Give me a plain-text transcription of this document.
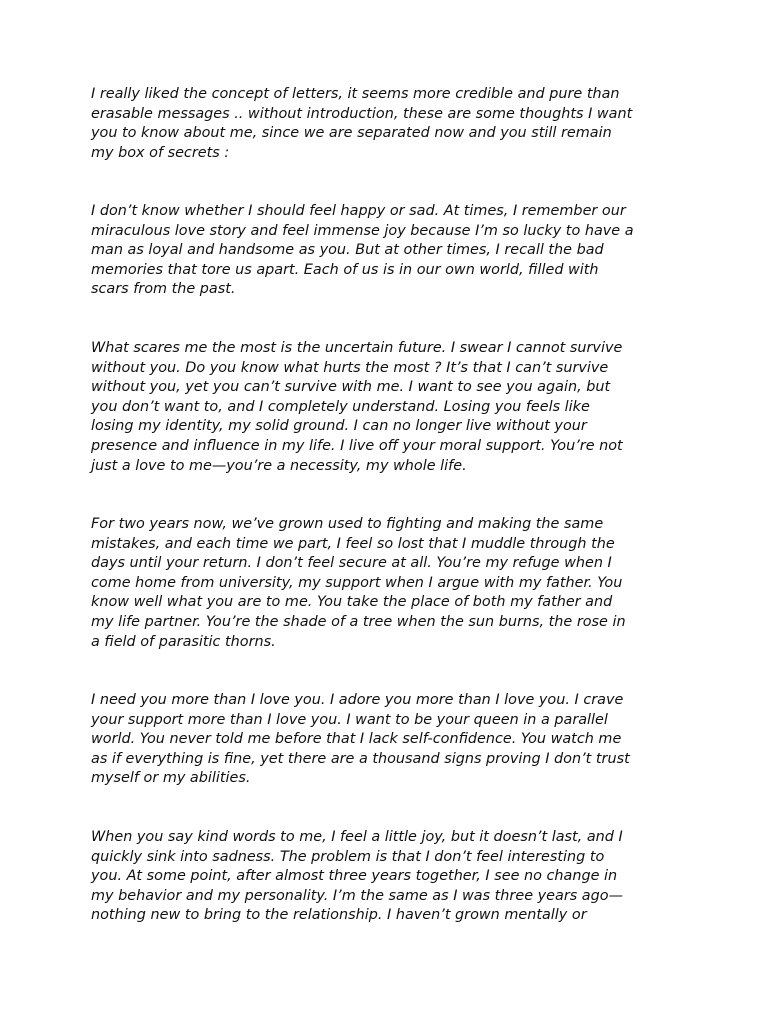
I really liked the concept of letters, it seems more credible and pure than
erasable messages .. without introduction, these are some thoughts I want
you to know about me, since we are separated now and you still remain
my box of secrets :

I don’t know whether I should feel happy or sad. At times, I remember our
miraculous love story and feel immense joy because I’m so lucky to have a
man as loyal and handsome as you. But at other times, I recall the bad
memories that tore us apart. Each of us is in our own world, filled with
scars from the past.

What scares me the most is the uncertain future. I swear I cannot survive
without you. Do you know what hurts the most ? It’s that I can’t survive
without you, yet you can’t survive with me. I want to see you again, but
you don’t want to, and I completely understand. Losing you feels like
losing my identity, my solid ground. I can no longer live without your
presence and influence in my life. I live off your moral support. You’re not
just a love to me—you’re a necessity, my whole life.

For two years now, we’ve grown used to fighting and making the same
mistakes, and each time we part, I feel so lost that I muddle through the
days until your return. I don’t feel secure at all. You’re my refuge when I
come home from university, my support when I argue with my father. You
know well what you are to me. You take the place of both my father and
my life partner. You’re the shade of a tree when the sun burns, the rose in
a field of parasitic thorns.

I need you more than I love you. I adore you more than I love you. I crave
your support more than I love you. I want to be your queen in a parallel
world. You never told me before that I lack self-confidence. You watch me
as if everything is fine, yet there are a thousand signs proving I don’t trust
myself or my abilities.

When you say kind words to me, I feel a little joy, but it doesn’t last, and I
quickly sink into sadness. The problem is that I don’t feel interesting to
you. At some point, after almost three years together, I see no change in
my behavior and my personality. I’m the same as I was three years ago—
nothing new to bring to the relationship. I haven’t grown mentally or
